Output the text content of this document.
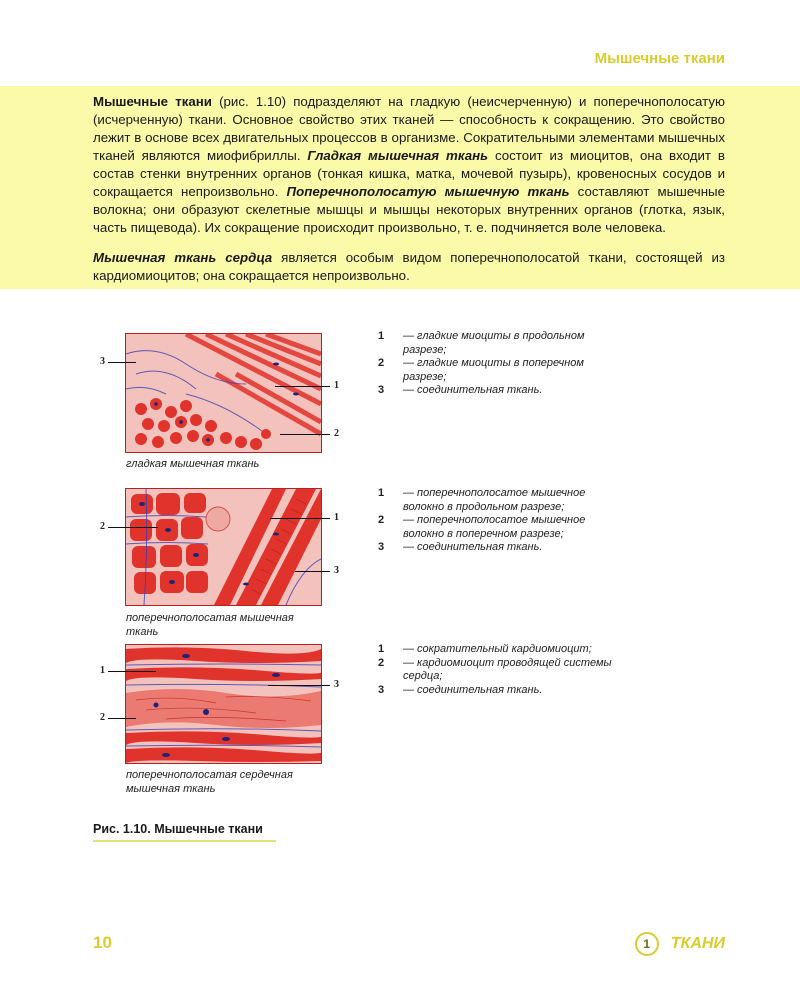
Мышечные ткани

Мышечные ткани (рис. 1.10) подразделяют на гладкую (неисчерченную) и поперечнополосатую (исчерченную) ткани. Основное свойство этих тканей — способность к сокращению. Это свойство лежит в основе всех двигательных процессов в организме. Сократительными элементами мышечных тканей являются миофибриллы. Гладкая мышечная ткань состоит из миоцитов, она входит в состав стенки внутренних органов (тонкая кишка, матка, мочевой пузырь), кровеносных сосудов и сокращается непроизвольно. Поперечнополосатую мышечную ткань составляют мышечные волокна; они образуют скелетные мышцы и мышцы некоторых внутренних органов (глотка, язык, часть пищевода). Их сокращение происходит произвольно, т. е. подчиняется воле человека.

Мышечная ткань сердца является особым видом поперечнополосатой ткани, состоящей из кардиомиоцитов; она сокращается непроизвольно.

3
1
2
гладкая мышечная ткань
1 — гладкие миоциты в продольном разрезе;
2 — гладкие миоциты в поперечном разрезе;
3 — соединительная ткань.
2
1
3
поперечнополосатая мышечная ткань
1 — поперечнополосатое мышечное волокно в продольном разрезе;
2 — поперечнополосатое мышечное волокно в поперечном разрезе;
3 — соединительная ткань.
1
3
2
поперечнополосатая сердечная мышечная ткань
1 — сократительный кардиомиоцит;
2 — кардиомиоцит проводящей системы сердца;
3 — соединительная ткань.
Рис. 1.10. Мышечные ткани
10	1	ТКАНИ
